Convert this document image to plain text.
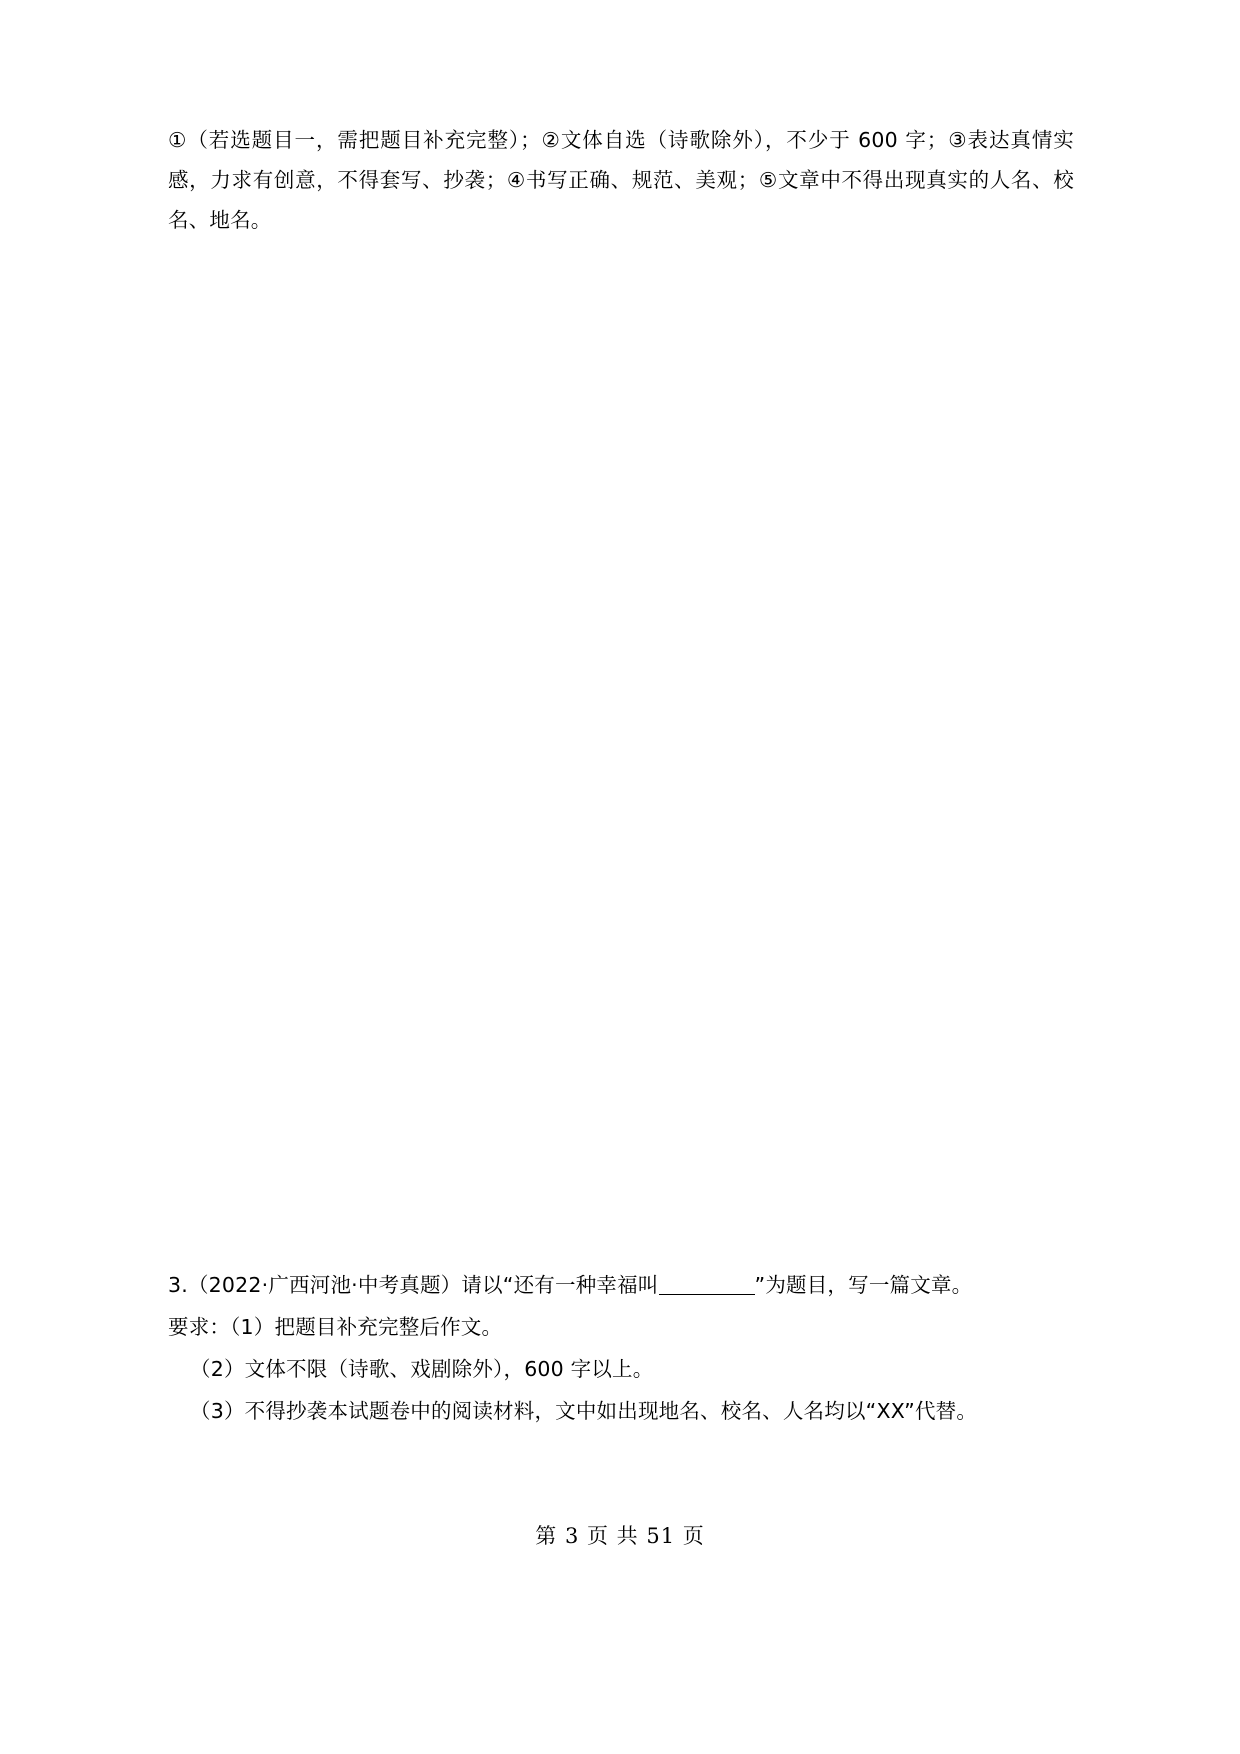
①（若选题目一，需把题目补充完整）；②文体自选（诗歌除外），不少于 600 字；③表达真情实感，力求有创意，不得套写、抄袭；④书写正确、规范、美观；⑤文章中不得出现真实的人名、校名、地名。

3.（2022·广西河池·中考真题）请以“还有一种幸福叫	”为题目，写一篇文章。

要求：（1）把题目补充完整后作文。

（2）文体不限（诗歌、戏剧除外），600 字以上。

（3）不得抄袭本试题卷中的阅读材料，文中如出现地名、校名、人名均以“XX”代替。

第 3 页 共 51 页
